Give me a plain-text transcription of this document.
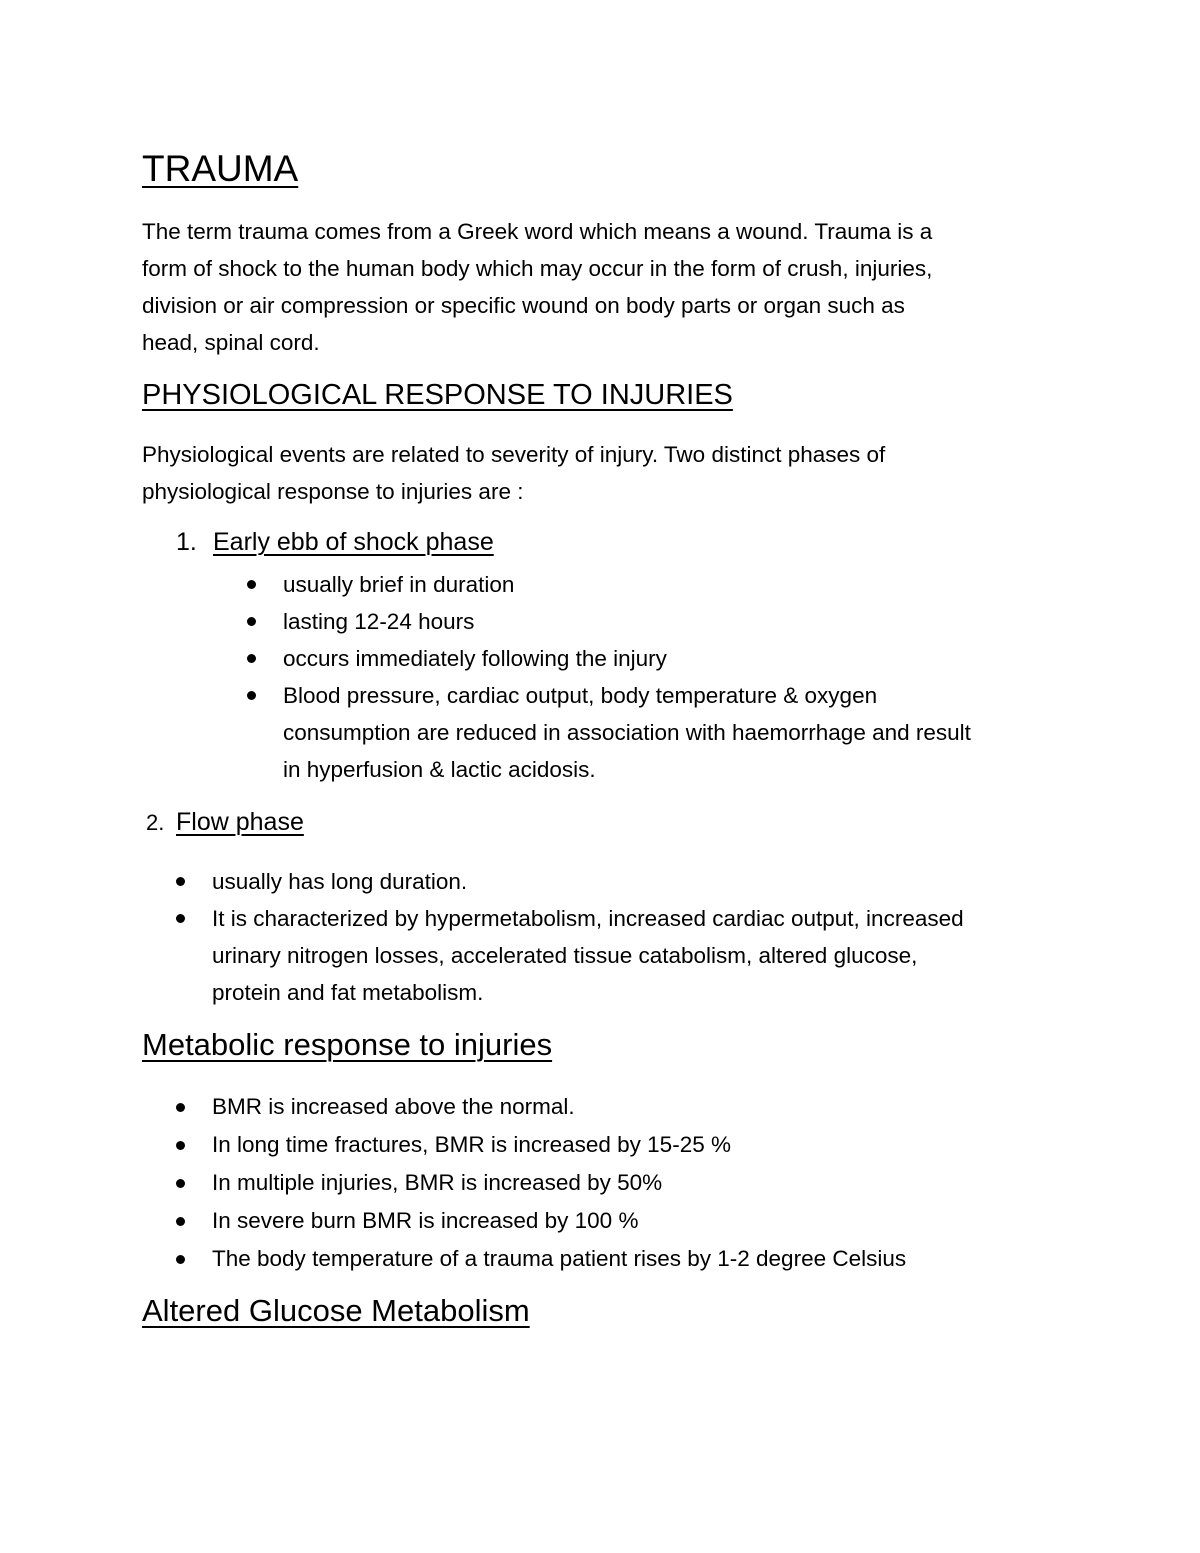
TRAUMA

The term trauma comes from a Greek word which means a wound. Trauma is a
form of shock to the human body which may occur in the form of crush, injuries,
division or air compression or specific wound on body parts or organ such as
head, spinal cord.

PHYSIOLOGICAL RESPONSE TO INJURIES

Physiological events are related to severity of injury. Two distinct phases of
physiological response to injuries are :

1. Early ebb of shock phase
usually brief in duration
lasting 12-24 hours
occurs immediately following the injury
Blood pressure, cardiac output, body temperature & oxygen
consumption are reduced in association with haemorrhage and result
in hyperfusion & lactic acidosis.
2. Flow phase
usually has long duration.
It is characterized by hypermetabolism, increased cardiac output, increased
urinary nitrogen losses, accelerated tissue catabolism, altered glucose,
protein and fat metabolism.
Metabolic response to injuries
BMR is increased above the normal.
In long time fractures, BMR is increased by 15-25 %
In multiple injuries, BMR is increased by 50%
In severe burn BMR is increased by 100 %
The body temperature of a trauma patient rises by 1-2 degree Celsius
Altered Glucose Metabolism
